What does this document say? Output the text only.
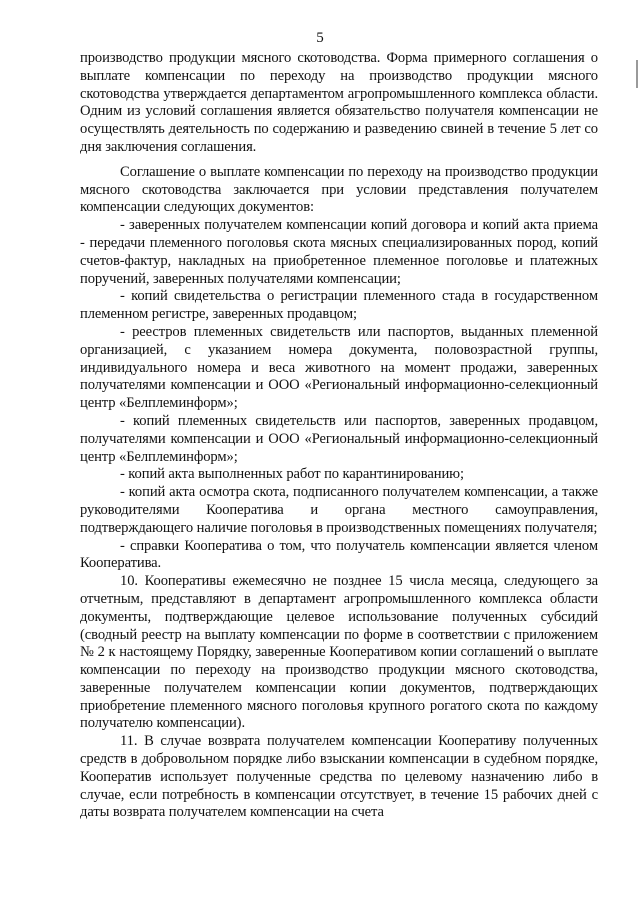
5

производство продукции мясного скотоводства. Форма примерного соглашения о выплате компенсации по переходу на производство продукции мясного скотоводства утверждается департаментом агропромышленного комплекса области. Одним из условий соглашения является обязательство получателя компенсации не осуществлять деятельность по содержанию и разведению свиней в течение 5 лет со дня заключения соглашения.

Соглашение о выплате компенсации по переходу на производство продукции мясного скотоводства заключается при условии представления получателем компенсации следующих документов:

- заверенных получателем компенсации копий договора и копий акта приема - передачи племенного поголовья скота мясных специализированных пород, копий счетов-фактур, накладных на приобретенное племенное поголовье и платежных поручений, заверенных получателями компенсации;

- копий свидетельства о регистрации племенного стада в государственном племенном регистре, заверенных продавцом;

- реестров племенных свидетельств или паспортов, выданных племенной организацией, с указанием номера документа, половозрастной группы, индивидуального номера и веса животного на момент продажи, заверенных получателями компенсации и ООО «Региональный информационно-селекционный центр «Белплеминформ»;

- копий племенных свидетельств или паспортов, заверенных продавцом, получателями компенсации и ООО «Региональный информационно-селекционный центр «Белплеминформ»;

- копий акта выполненных работ по карантинированию;

- копий акта осмотра скота, подписанного получателем компенсации, а также руководителями Кооператива и органа местного самоуправления, подтверждающего наличие поголовья в производственных помещениях получателя;

- справки Кооператива о том, что получатель компенсации является членом Кооператива.

10. Кооперативы ежемесячно не позднее 15 числа месяца, следующего за отчетным, представляют в департамент агропромышленного комплекса области документы, подтверждающие целевое использование полученных субсидий (сводный реестр на выплату компенсации по форме в соответствии с приложением № 2 к настоящему Порядку, заверенные Кооперативом копии соглашений о выплате компенсации по переходу на производство продукции мясного скотоводства, заверенные получателем компенсации копии документов, подтверждающих приобретение племенного мясного поголовья крупного рогатого скота по каждому получателю компенсации).

11. В случае возврата получателем компенсации Кооперативу полученных средств в добровольном порядке либо взыскании компенсации в судебном порядке, Кооператив использует полученные средства по целевому назначению либо в случае, если потребность в компенсации отсутствует, в течение 15 рабочих дней с даты возврата получателем компенсации на счета
